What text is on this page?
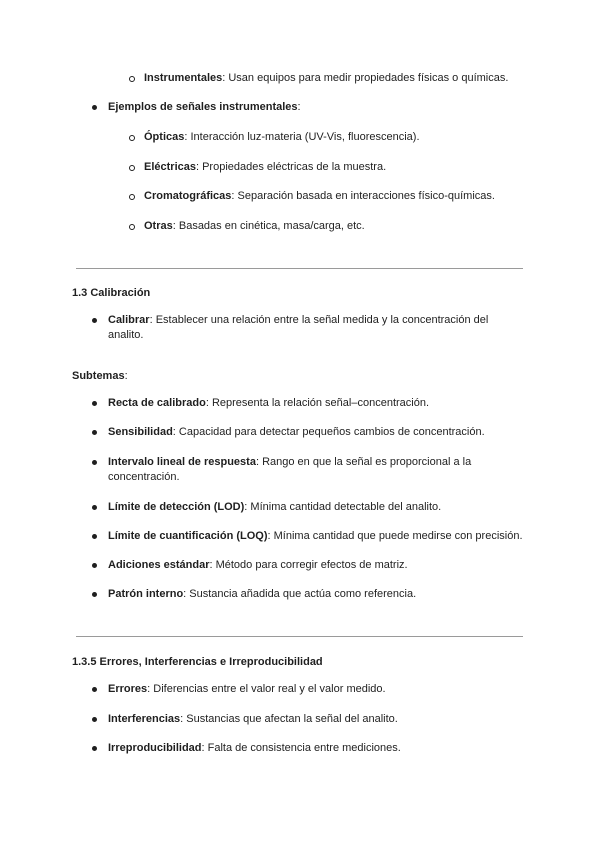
Instrumentales: Usan equipos para medir propiedades físicas o químicas.
Ejemplos de señales instrumentales:
Ópticas: Interacción luz-materia (UV-Vis, fluorescencia).
Eléctricas: Propiedades eléctricas de la muestra.
Cromatográficas: Separación basada en interacciones físico-químicas.
Otras: Basadas en cinética, masa/carga, etc.
1.3 Calibración
Calibrar: Establecer una relación entre la señal medida y la concentración del
analito.
Subtemas:
Recta de calibrado: Representa la relación señal–concentración.
Sensibilidad: Capacidad para detectar pequeños cambios de concentración.
Intervalo lineal de respuesta: Rango en que la señal es proporcional a la
concentración.
Límite de detección (LOD): Mínima cantidad detectable del analito.
Límite de cuantificación (LOQ): Mínima cantidad que puede medirse con precisión.
Adiciones estándar: Método para corregir efectos de matriz.
Patrón interno: Sustancia añadida que actúa como referencia.
1.3.5 Errores, Interferencias e Irreproducibilidad
Errores: Diferencias entre el valor real y el valor medido.
Interferencias: Sustancias que afectan la señal del analito.
Irreproducibilidad: Falta de consistencia entre mediciones.
